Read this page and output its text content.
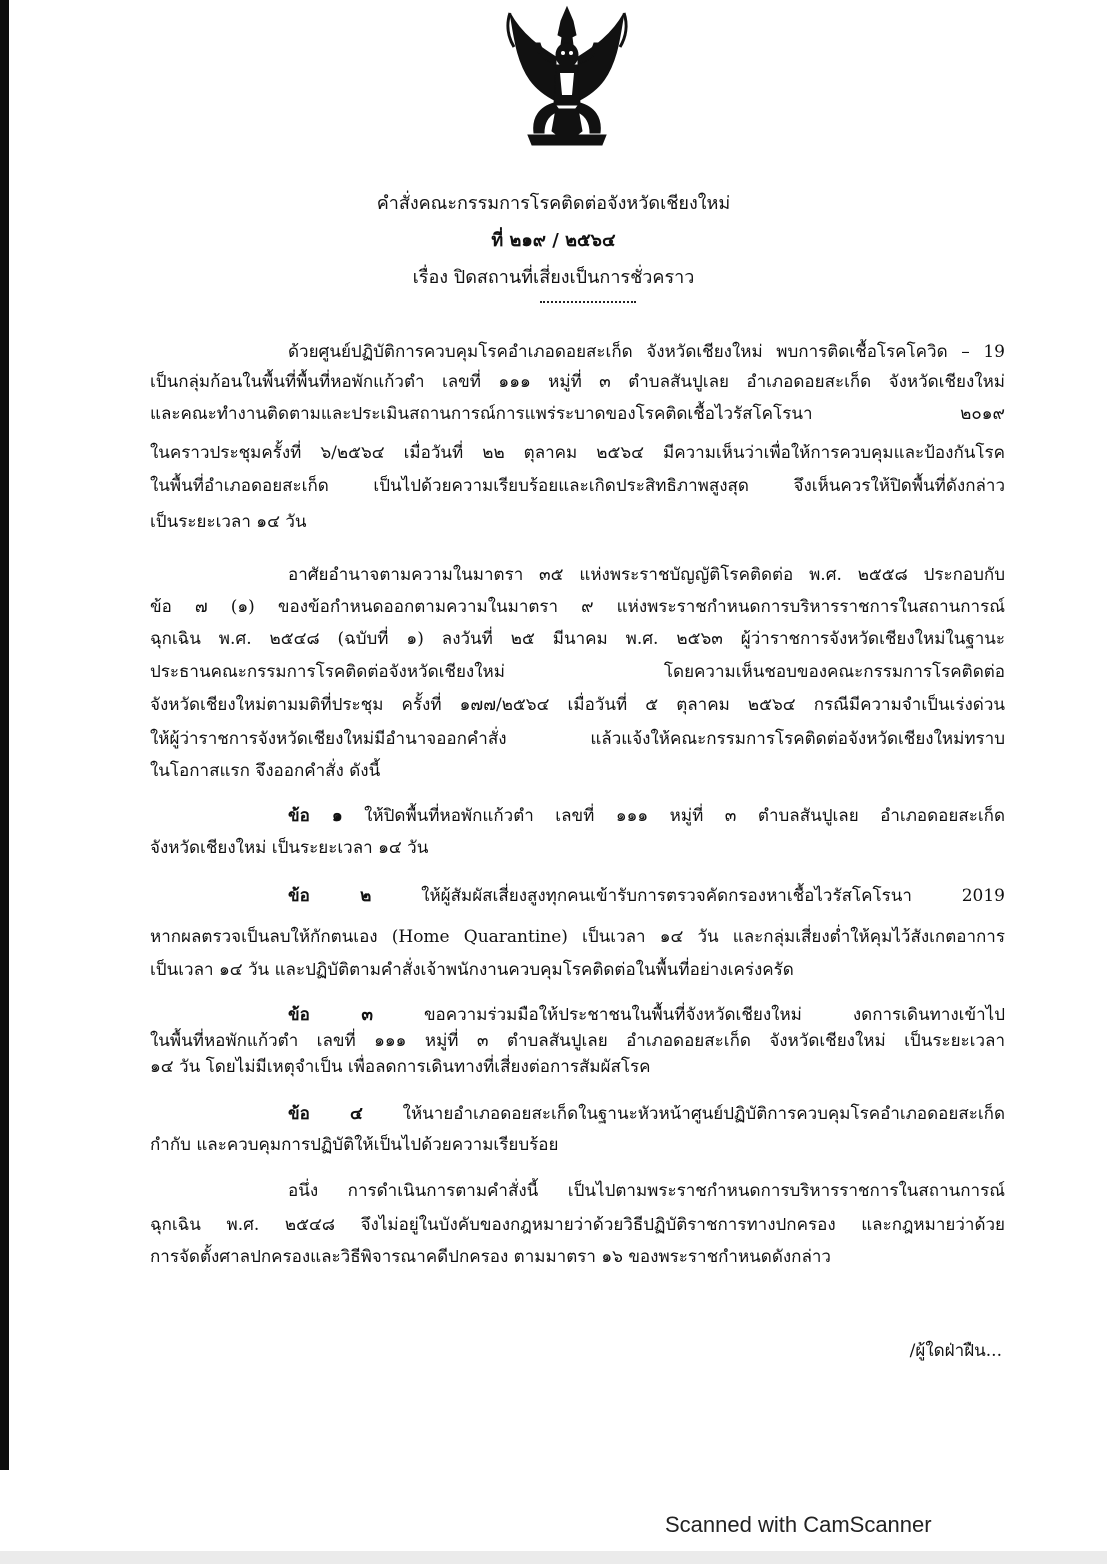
คำสั่งคณะกรรมการโรคติดต่อจังหวัดเชียงใหม่
ที่ ๒๑๙ / ๒๕๖๔
เรื่อง ปิดสถานที่เสี่ยงเป็นการชั่วคราว
ด้วยศูนย์ปฏิบัติการควบคุมโรคอำเภอดอยสะเก็ด จังหวัดเชียงใหม่ พบการติดเชื้อโรคโควิด – 19
เป็นกลุ่มก้อนในพื้นที่พื้นที่หอพักแก้วตำ เลขที่ ๑๑๑ หมู่ที่ ๓ ตำบลสันปูเลย อำเภอดอยสะเก็ด จังหวัดเชียงใหม่
และคณะทำงานติดตามและประเมินสถานการณ์การแพร่ระบาดของโรคติดเชื้อไวรัสโคโรนา ๒๐๑๙
ในคราวประชุมครั้งที่ ๖/๒๕๖๔ เมื่อวันที่ ๒๒ ตุลาคม ๒๕๖๔ มีความเห็นว่าเพื่อให้การควบคุมและป้องกันโรค
ในพื้นที่อำเภอดอยสะเก็ด เป็นไปด้วยความเรียบร้อยและเกิดประสิทธิภาพสูงสุด จึงเห็นควรให้ปิดพื้นที่ดังกล่าว
เป็นระยะเวลา ๑๔ วัน
อาศัยอำนาจตามความในมาตรา ๓๕ แห่งพระราชบัญญัติโรคติดต่อ พ.ศ. ๒๕๕๘ ประกอบกับ
ข้อ ๗ (๑) ของข้อกำหนดออกตามความในมาตรา ๙ แห่งพระราชกำหนดการบริหารราชการในสถานการณ์
ฉุกเฉิน พ.ศ. ๒๕๔๘ (ฉบับที่ ๑) ลงวันที่ ๒๕ มีนาคม พ.ศ. ๒๕๖๓ ผู้ว่าราชการจังหวัดเชียงใหม่ในฐานะ
ประธานคณะกรรมการโรคติดต่อจังหวัดเชียงใหม่ โดยความเห็นชอบของคณะกรรมการโรคติดต่อ
จังหวัดเชียงใหม่ตามมติที่ประชุม ครั้งที่ ๑๗๗/๒๕๖๔ เมื่อวันที่ ๕ ตุลาคม ๒๕๖๔ กรณีมีความจำเป็นเร่งด่วน
ให้ผู้ว่าราชการจังหวัดเชียงใหม่มีอำนาจออกคำสั่ง แล้วแจ้งให้คณะกรรมการโรคติดต่อจังหวัดเชียงใหม่ทราบ
ในโอกาสแรก จึงออกคำสั่ง ดังนี้
ข้อ ๑ ให้ปิดพื้นที่หอพักแก้วตำ เลขที่ ๑๑๑ หมู่ที่ ๓ ตำบลสันปูเลย อำเภอดอยสะเก็ด
จังหวัดเชียงใหม่ เป็นระยะเวลา ๑๔ วัน
ข้อ ๒	ให้ผู้สัมผัสเสี่ยงสูงทุกคนเข้ารับการตรวจคัดกรองหาเชื้อไวรัสโคโรนา 2019
หากผลตรวจเป็นลบให้กักตนเอง (Home Quarantine) เป็นเวลา ๑๔ วัน และกลุ่มเสี่ยงต่ำให้คุมไว้สังเกตอาการ
เป็นเวลา ๑๔ วัน และปฏิบัติตามคำสั่งเจ้าพนักงานควบคุมโรคติดต่อในพื้นที่อย่างเคร่งครัด
ข้อ ๓	ขอความร่วมมือให้ประชาชนในพื้นที่จังหวัดเชียงใหม่ งดการเดินทางเข้าไป
ในพื้นที่หอพักแก้วตำ เลขที่ ๑๑๑ หมู่ที่ ๓ ตำบลสันปูเลย อำเภอดอยสะเก็ด จังหวัดเชียงใหม่ เป็นระยะเวลา
๑๔ วัน โดยไม่มีเหตุจำเป็น เพื่อลดการเดินทางที่เสี่ยงต่อการสัมผัสโรค
ข้อ ๔ ให้นายอำเภอดอยสะเก็ดในฐานะหัวหน้าศูนย์ปฏิบัติการควบคุมโรคอำเภอดอยสะเก็ด
กำกับ และควบคุมการปฏิบัติให้เป็นไปด้วยความเรียบร้อย
อนึ่ง การดำเนินการตามคำสั่งนี้ เป็นไปตามพระราชกำหนดการบริหารราชการในสถานการณ์
ฉุกเฉิน พ.ศ. ๒๕๔๘ จึงไม่อยู่ในบังคับของกฎหมายว่าด้วยวิธีปฏิบัติราชการทางปกครอง และกฎหมายว่าด้วย
การจัดตั้งศาลปกครองและวิธีพิจารณาคดีปกครอง ตามมาตรา ๑๖ ของพระราชกำหนดดังกล่าว
/ผู้ใดฝ่าฝืน...
Scanned with CamScanner
